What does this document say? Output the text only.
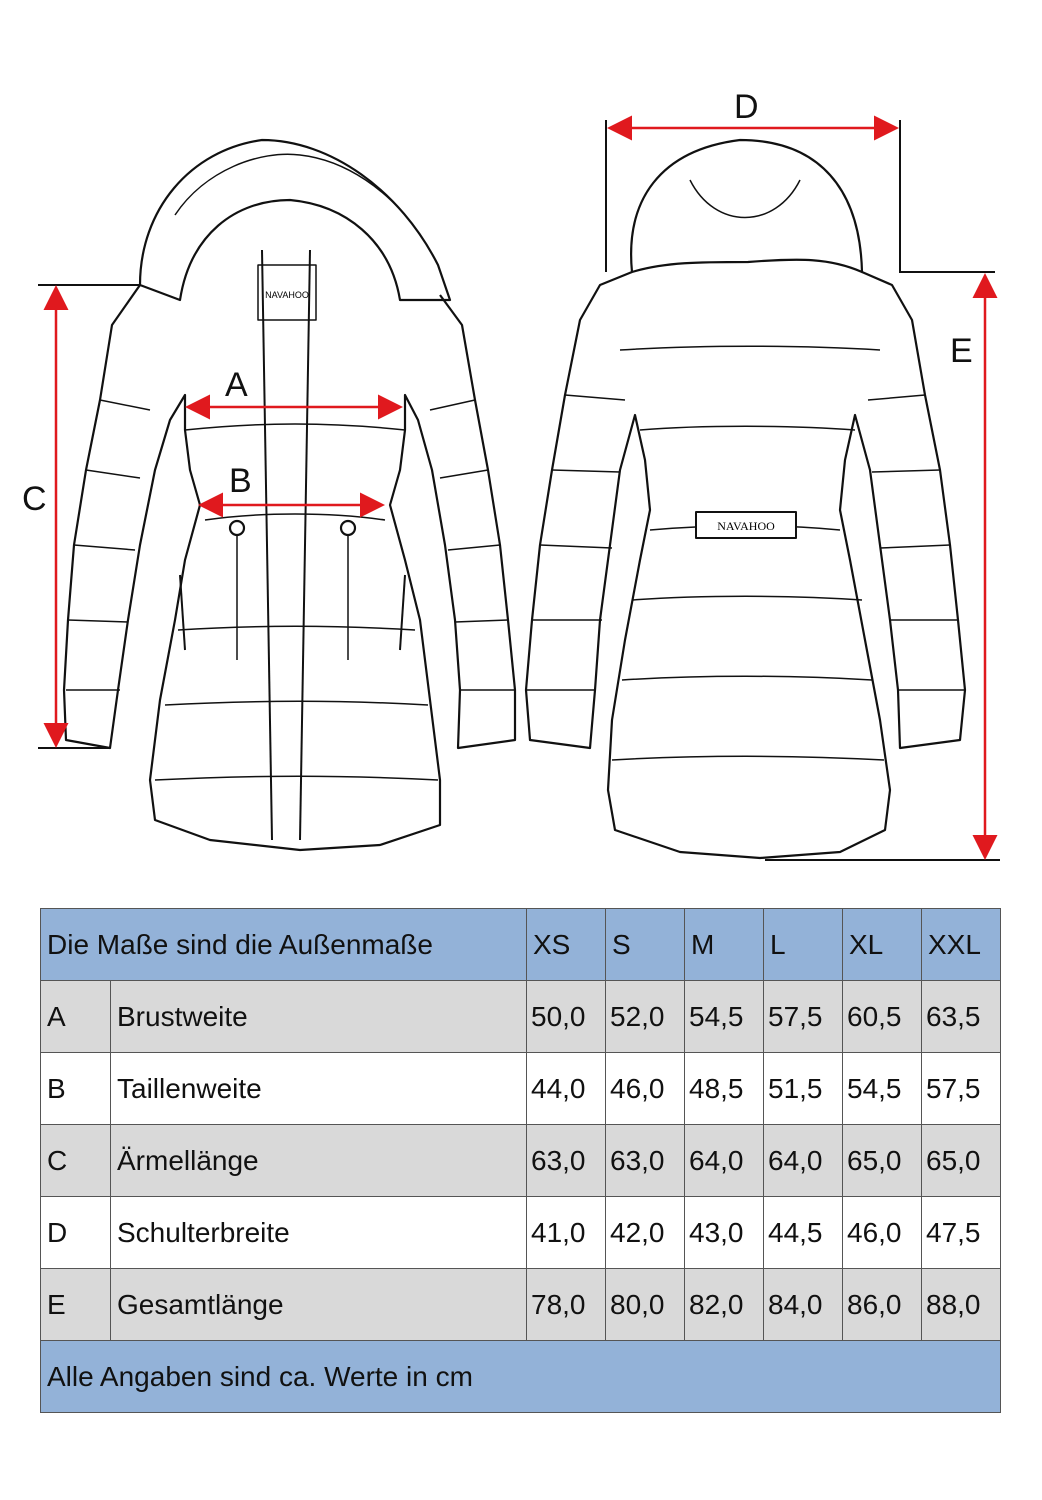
NAVAHOO
NAVAHOO
A
B
C
D
E
Die Maße sind die Außenmaße		XS	S	M	L	XL	XXL
A	Brustweite	50,0	52,0	54,5	57,5	60,5	63,5
B	Taillenweite	44,0	46,0	48,5	51,5	54,5	57,5
C	Ärmellänge	63,0	63,0	64,0	64,0	65,0	65,0
D	Schulterbreite	41,0	42,0	43,0	44,5	46,0	47,5
E	Gesamtlänge	78,0	80,0	82,0	84,0	86,0	88,0
Alle Angaben sind ca. Werte in cm							
